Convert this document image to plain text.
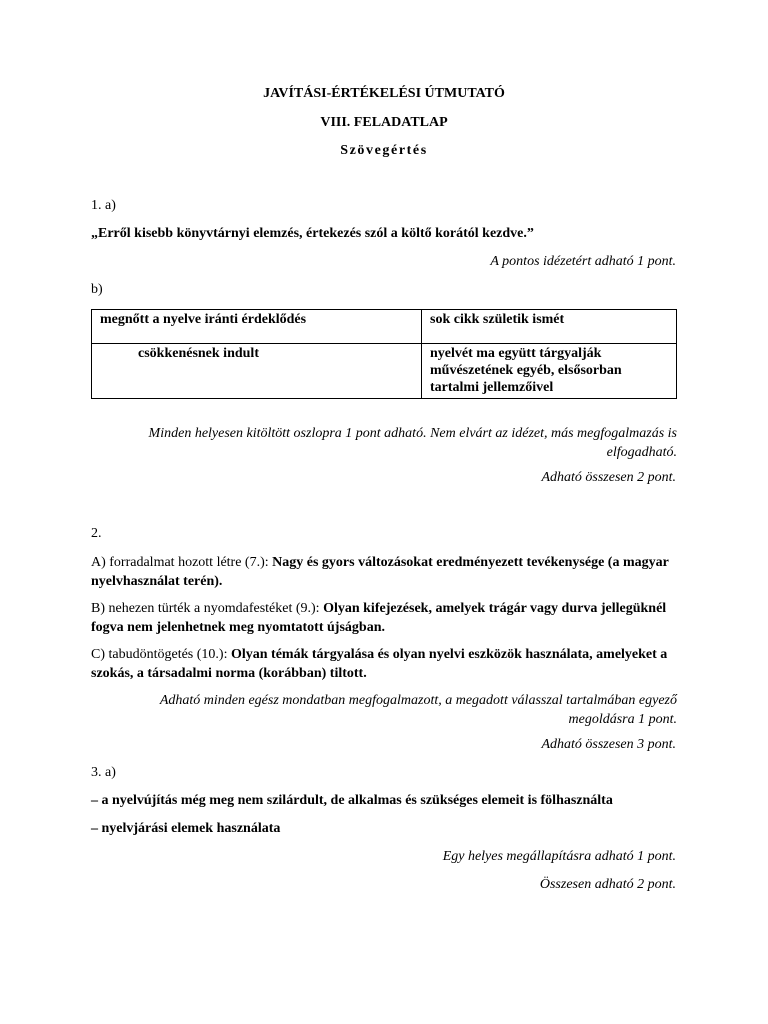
JAVÍTÁSI-ÉRTÉKELÉSI ÚTMUTATÓ
VIII. FELADATLAP
Szövegértés
1. a)
„Erről kisebb könyvtárnyi elemzés, értekezés szól a költő korától kezdve.”
A pontos idézetért adható 1 pont.
b)
megnőtt a nyelve iránti érdeklődés	sok cikk születik ismét
csökkenésnek indult	nyelvét ma együtt tárgyalják művészetének egyéb, elsősorban tartalmi jellemzőivel
Minden helyesen kitöltött oszlopra 1 pont adható. Nem elvárt az idézet, más megfogalmazás is elfogadható.
Adható összesen 2 pont.
2.
A) forradalmat hozott létre (7.): Nagy és gyors változásokat eredményezett tevékenysége (a magyar nyelvhasználat terén).
B) nehezen türték a nyomdafestéket (9.): Olyan kifejezések, amelyek trágár vagy durva jellegüknél fogva nem jelenhetnek meg nyomtatott újságban.
C) tabudöntögetés (10.): Olyan témák tárgyalása és olyan nyelvi eszközök használata, amelyeket a szokás, a társadalmi norma (korábban) tiltott.
Adható minden egész mondatban megfogalmazott, a megadott válasszal tartalmában egyező megoldásra 1 pont.
Adható összesen 3 pont.
3. a)
– a nyelvújítás még meg nem szilárdult, de alkalmas és szükséges elemeit is fölhasználta
– nyelvjárási elemek használata
Egy helyes megállapításra adható 1 pont.
Összesen adható 2 pont.
